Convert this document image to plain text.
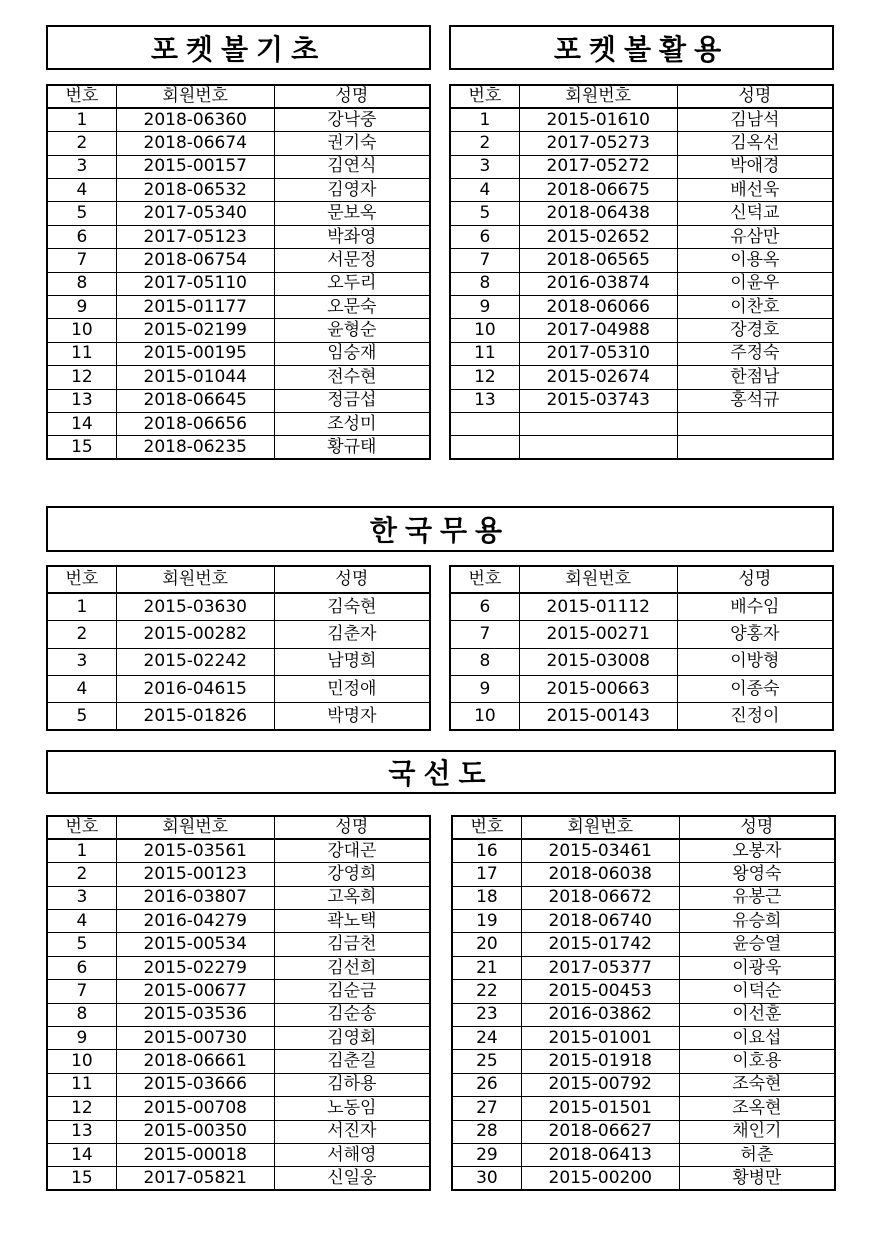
포켓볼기초	포켓볼활용
한국무용
국선도
번호	회원번호	성명
1	2018-06360	강낙중
2	2018-06674	권기숙
3	2015-00157	김연식
4	2018-06532	김영자
5	2017-05340	문보옥
6	2017-05123	박좌영
7	2018-06754	서문정
8	2017-05110	오두리
9	2015-01177	오문숙
10	2015-02199	윤형순
11	2015-00195	임숭재
12	2015-01044	전수현
13	2018-06645	정금섭
14	2018-06656	조성미
15	2018-06235	황규태
번호	회원번호	성명
1	2015-01610	김남석
2	2017-05273	김옥선
3	2017-05272	박애경
4	2018-06675	배선욱
5	2018-06438	신덕교
6	2015-02652	유삼만
7	2018-06565	이용옥
8	2016-03874	이윤우
9	2018-06066	이찬호
10	2017-04988	장경호
11	2017-05310	주정숙
12	2015-02674	한점남
13	2015-03743	홍석규

번호	회원번호	성명
1	2015-03630	김숙현
2	2015-00282	김춘자
3	2015-02242	남명희
4	2016-04615	민정애
5	2015-01826	박명자
번호	회원번호	성명
6	2015-01112	배수임
7	2015-00271	양홍자
8	2015-03008	이방형
9	2015-00663	이종숙
10	2015-00143	진정이
번호	회원번호	성명
1	2015-03561	강대곤
2	2015-00123	강영희
3	2016-03807	고옥희
4	2016-04279	곽노택
5	2015-00534	김금천
6	2015-02279	김선희
7	2015-00677	김순금
8	2015-03536	김순송
9	2015-00730	김영회
10	2018-06661	김춘길
11	2015-03666	김하용
12	2015-00708	노동임
13	2015-00350	서진자
14	2015-00018	서해영
15	2017-05821	신일웅
번호	회원번호	성명
16	2015-03461	오봉자
17	2018-06038	왕영숙
18	2018-06672	유봉근
19	2018-06740	유승희
20	2015-01742	윤승열
21	2017-05377	이광욱
22	2015-00453	이덕순
23	2016-03862	이선훈
24	2015-01001	이요섭
25	2015-01918	이호용
26	2015-00792	조숙현
27	2015-01501	조옥현
28	2018-06627	채인기
29	2018-06413	허춘
30	2015-00200	황병만
